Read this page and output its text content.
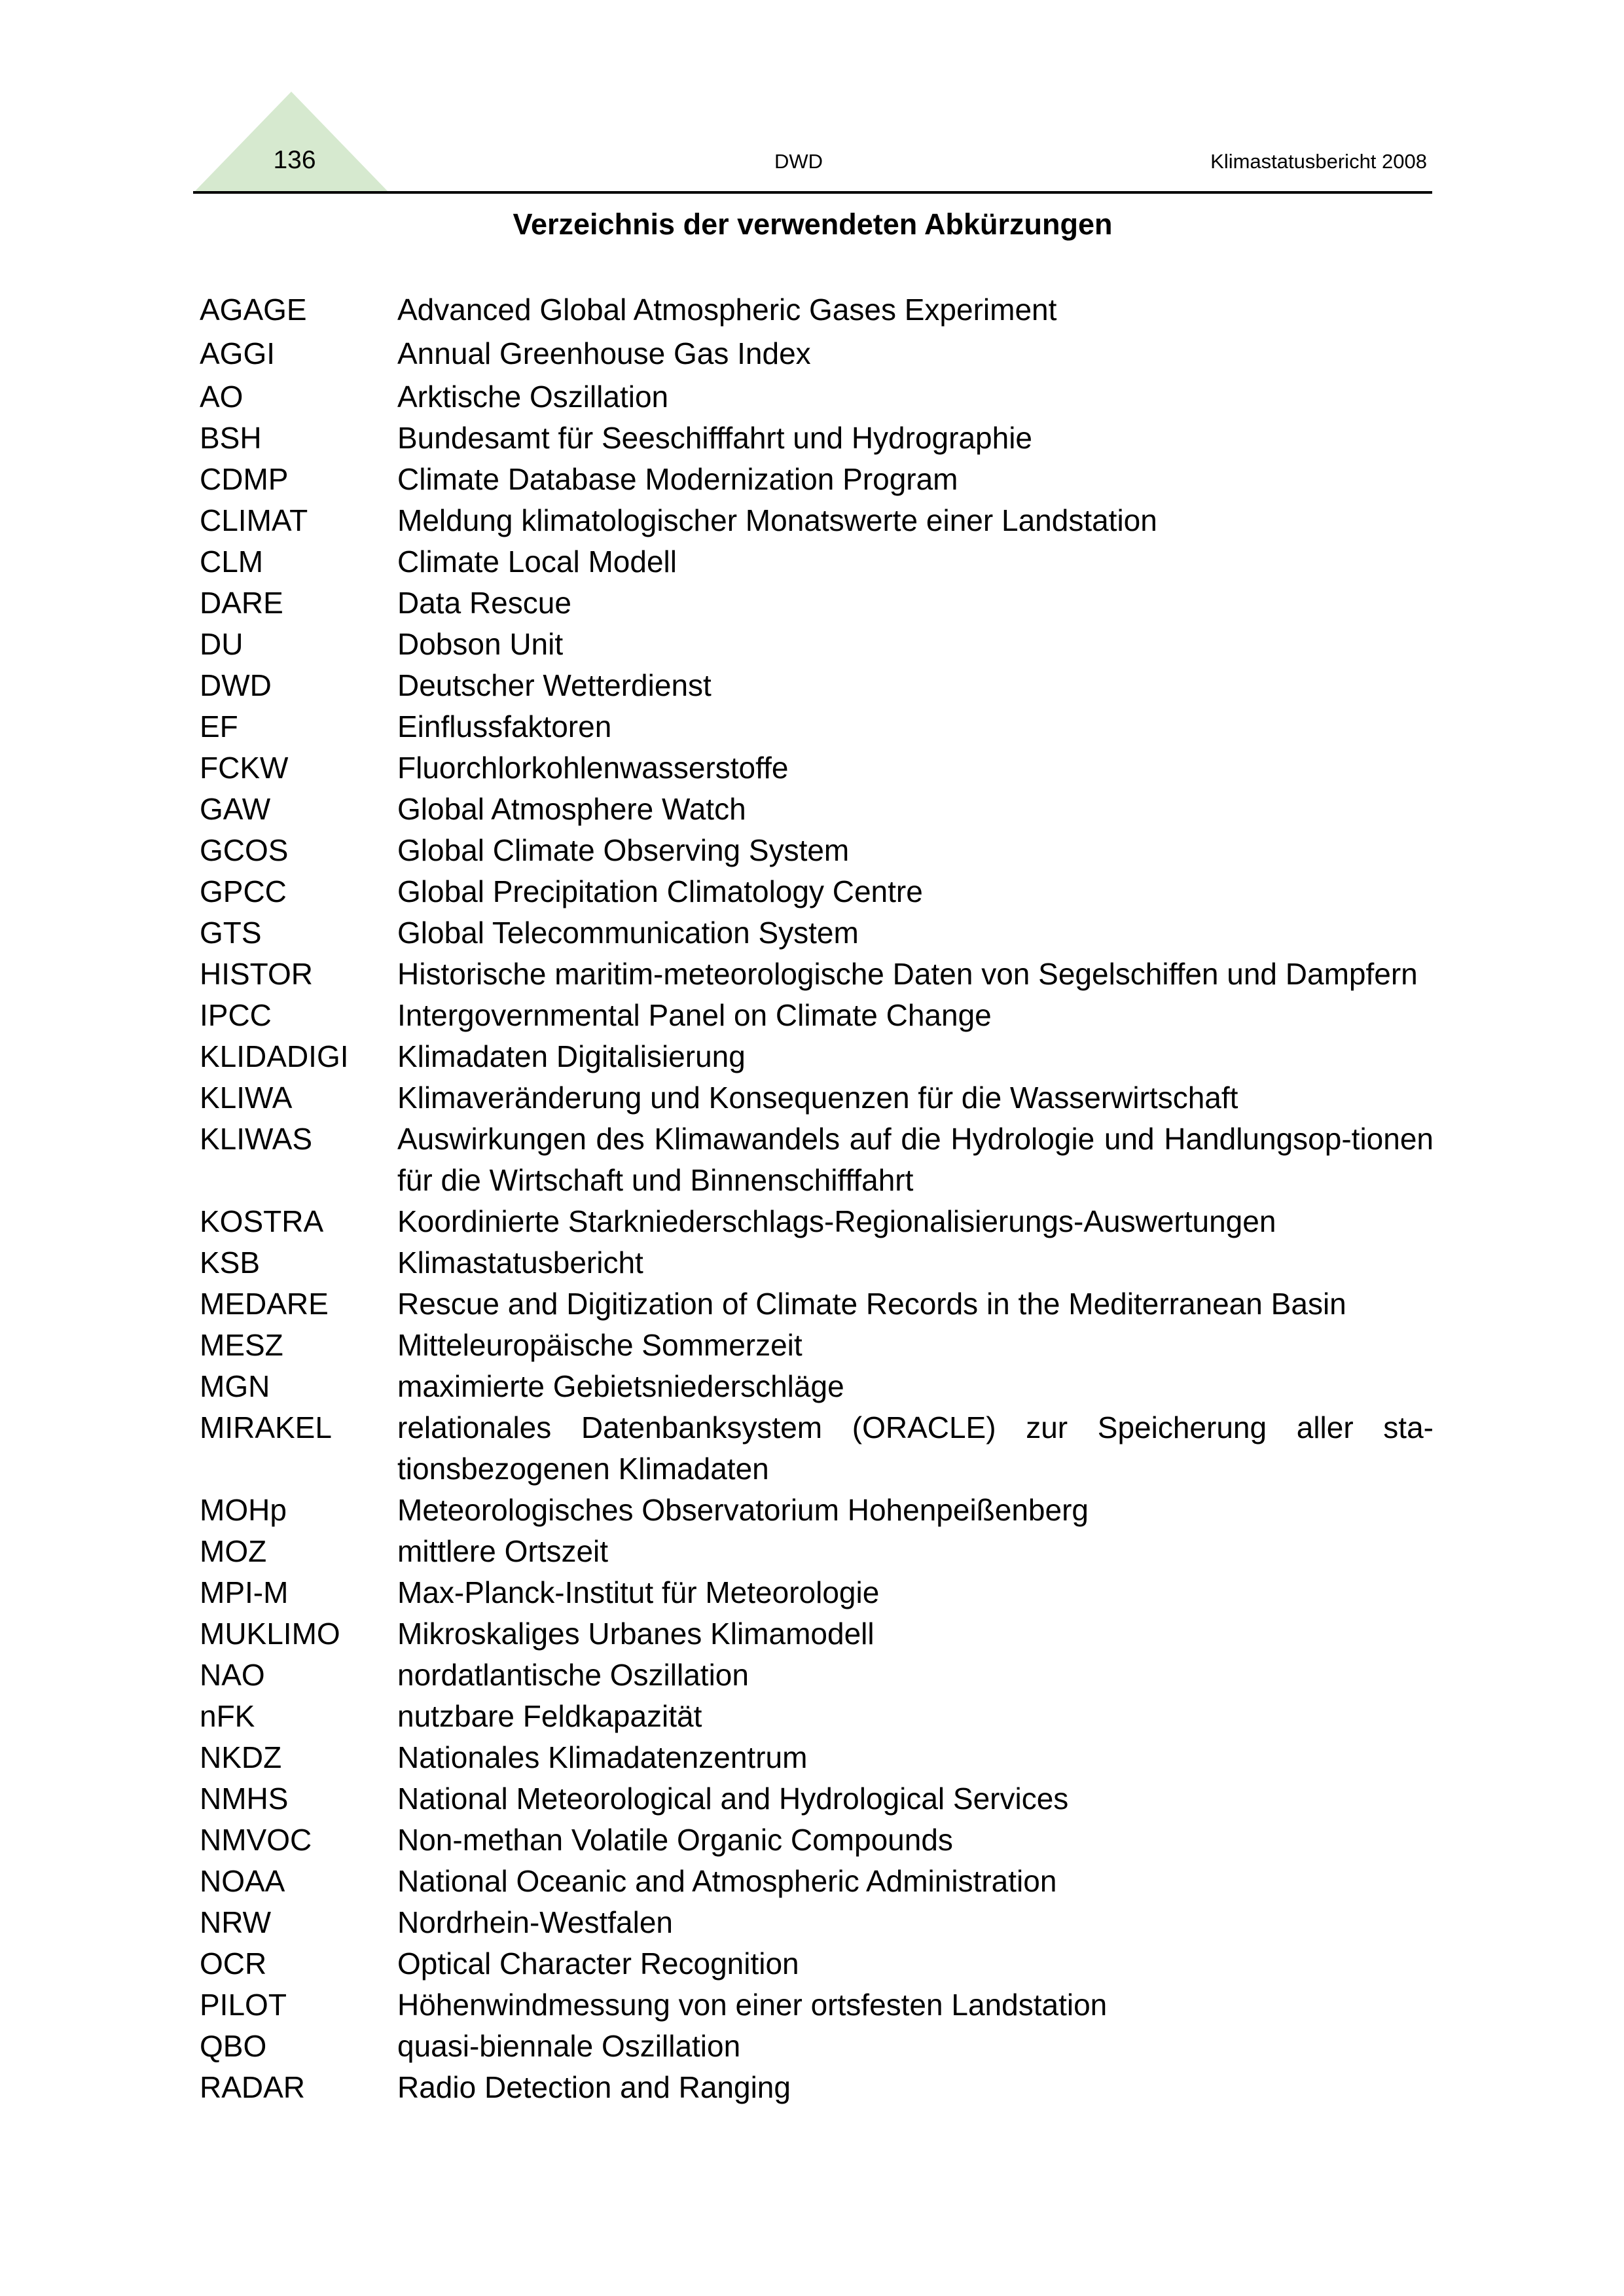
136	DWD	Klimastatusbericht 2008
Verzeichnis der verwendeten Abkürzungen
AGAGE	Advanced Global Atmospheric Gases Experiment
AGGI	Annual Greenhouse Gas Index
AO	Arktische Oszillation
BSH	Bundesamt für Seeschifffahrt und Hydrographie
CDMP	Climate Database Modernization Program
CLIMAT	Meldung klimatologischer Monatswerte einer Landstation
CLM	Climate Local Modell
DARE	Data Rescue
DU	Dobson Unit
DWD	Deutscher Wetterdienst
EF	Einflussfaktoren
FCKW	Fluorchlorkohlenwasserstoffe
GAW	Global Atmosphere Watch
GCOS	Global Climate Observing System
GPCC	Global Precipitation Climatology Centre
GTS	Global Telecommunication System
HISTOR	Historische maritim-meteorologische Daten von Segelschiffen und Dampfern
IPCC	Intergovernmental Panel on Climate Change
KLIDADIGI	Klimadaten Digitalisierung
KLIWA	Klimaveränderung und Konsequenzen für die Wasserwirtschaft
KLIWAS	Auswirkungen des Klimawandels auf die Hydrologie und Handlungsop-tionen für die Wirtschaft und Binnenschifffahrt
KOSTRA	Koordinierte Starkniederschlags-Regionalisierungs-Auswertungen
KSB	Klimastatusbericht
MEDARE	Rescue and Digitization of Climate Records in the Mediterranean Basin
MESZ	Mitteleuropäische Sommerzeit
MGN	maximierte Gebietsniederschläge
MIRAKEL	relationales Datenbanksystem (ORACLE) zur Speicherung aller sta-tionsbezogenen Klimadaten
MOHp	Meteorologisches Observatorium Hohenpeißenberg
MOZ	mittlere Ortszeit
MPI-M	Max-Planck-Institut für Meteorologie
MUKLIMO	Mikroskaliges Urbanes Klimamodell
NAO	nordatlantische Oszillation
nFK	nutzbare Feldkapazität
NKDZ	Nationales Klimadatenzentrum
NMHS	National Meteorological and Hydrological Services
NMVOC	Non-methan Volatile Organic Compounds
NOAA	National Oceanic and Atmospheric Administration
NRW	Nordrhein-Westfalen
OCR	Optical Character Recognition
PILOT	Höhenwindmessung von einer ortsfesten Landstation
QBO	quasi-biennale Oszillation
RADAR	Radio Detection and Ranging
